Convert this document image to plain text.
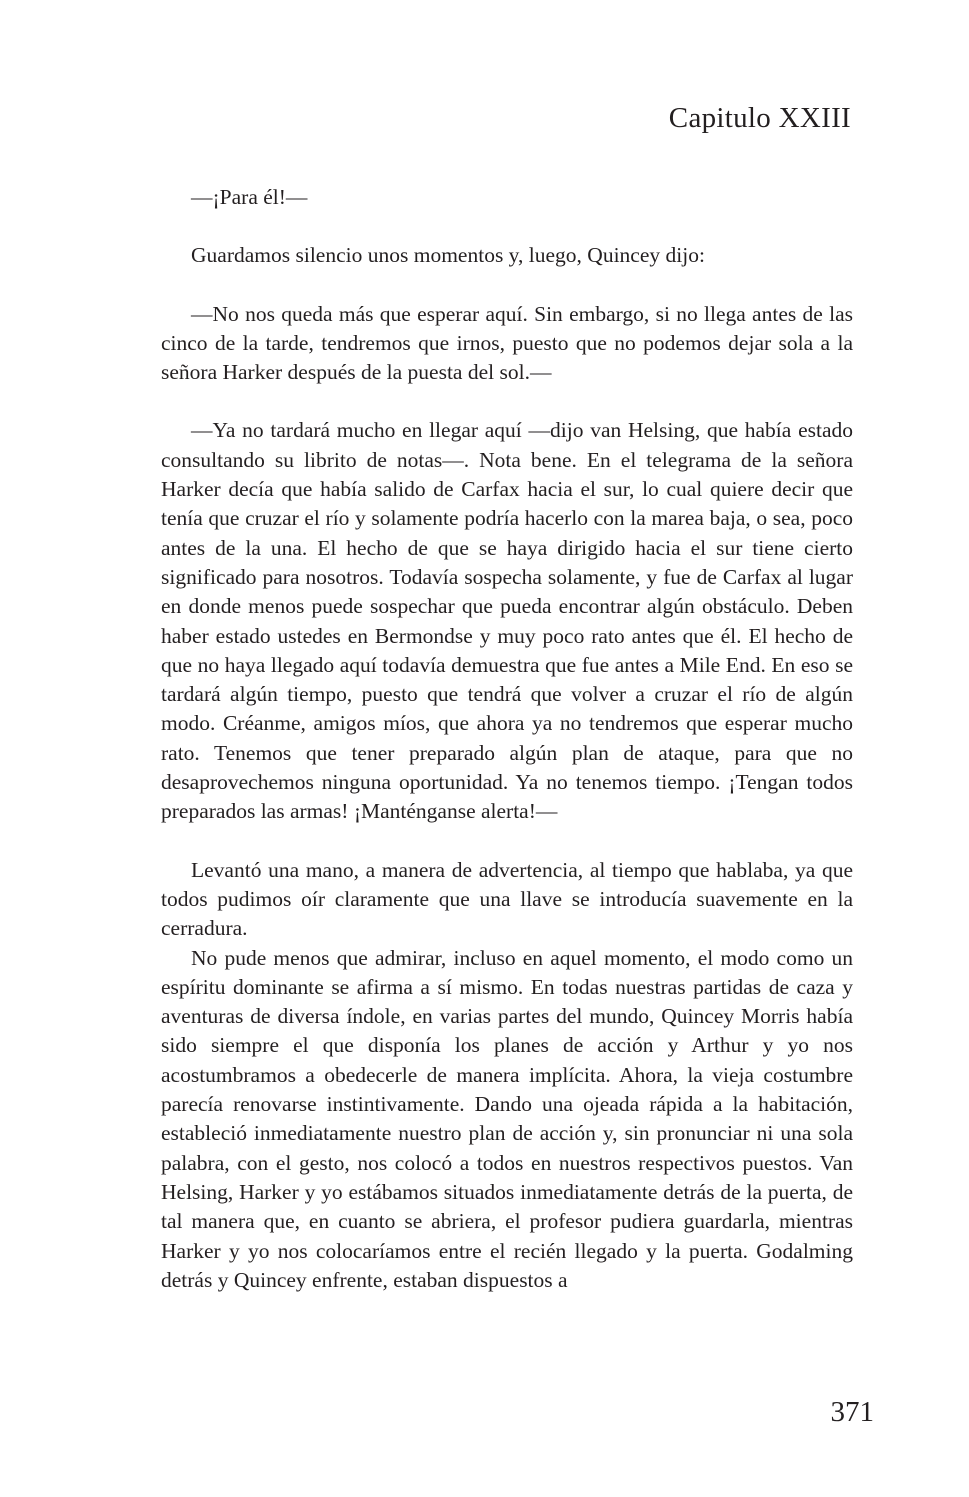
Capitulo XXIII

—¡Para él!—

Guardamos silencio unos momentos y, luego, Quincey dijo:

—No nos queda más que esperar aquí. Sin embargo, si no llega antes de las cinco de la tarde, tendremos que irnos, puesto que no podemos dejar sola a la señora Harker después de la puesta del sol.—

—Ya no tardará mucho en llegar aquí —dijo van Helsing, que había estado consultando su librito de notas—. Nota bene. En el telegrama de la señora Harker decía que había salido de Carfax hacia el sur, lo cual quiere decir que tenía que cruzar el río y solamente podría hacerlo con la marea baja, o sea, poco antes de la una. El hecho de que se haya dirigido hacia el sur tiene cierto significado para nosotros. Todavía sospecha solamente, y fue de Carfax al lugar en donde menos puede sospechar que pueda encontrar algún obstáculo. Deben haber estado ustedes en Bermondse y muy poco rato antes que él. El hecho de que no haya llegado aquí todavía demuestra que fue antes a Mile End. En eso se tardará algún tiempo, puesto que tendrá que volver a cruzar el río de algún modo. Créanme, amigos míos, que ahora ya no tendremos que esperar mucho rato. Tenemos que tener preparado algún plan de ataque, para que no desaprovechemos ninguna oportunidad. Ya no tenemos tiempo. ¡Tengan todos preparados las armas! ¡Manténganse alerta!—

Levantó una mano, a manera de advertencia, al tiempo que hablaba, ya que todos pudimos oír claramente que una llave se introducía suavemente en la cerradura.

No pude menos que admirar, incluso en aquel momento, el modo como un espíritu dominante se afirma a sí mismo. En todas nuestras partidas de caza y aventuras de diversa índole, en varias partes del mundo, Quincey Morris había sido siempre el que disponía los planes de acción y Arthur y yo nos acostumbramos a obedecerle de manera implícita. Ahora, la vieja costumbre parecía renovarse instintivamente. Dando una ojeada rápida a la habitación, estableció inmediatamente nuestro plan de acción y, sin pronunciar ni una sola palabra, con el gesto, nos colocó a todos en nuestros respectivos puestos. Van Helsing, Harker y yo estábamos situados inmediatamente detrás de la puerta, de tal manera que, en cuanto se abriera, el profesor pudiera guardarla, mientras Harker y yo nos colocaríamos entre el recién llegado y la puerta. Godalming detrás y Quincey enfrente, estaban dispuestos a

371
